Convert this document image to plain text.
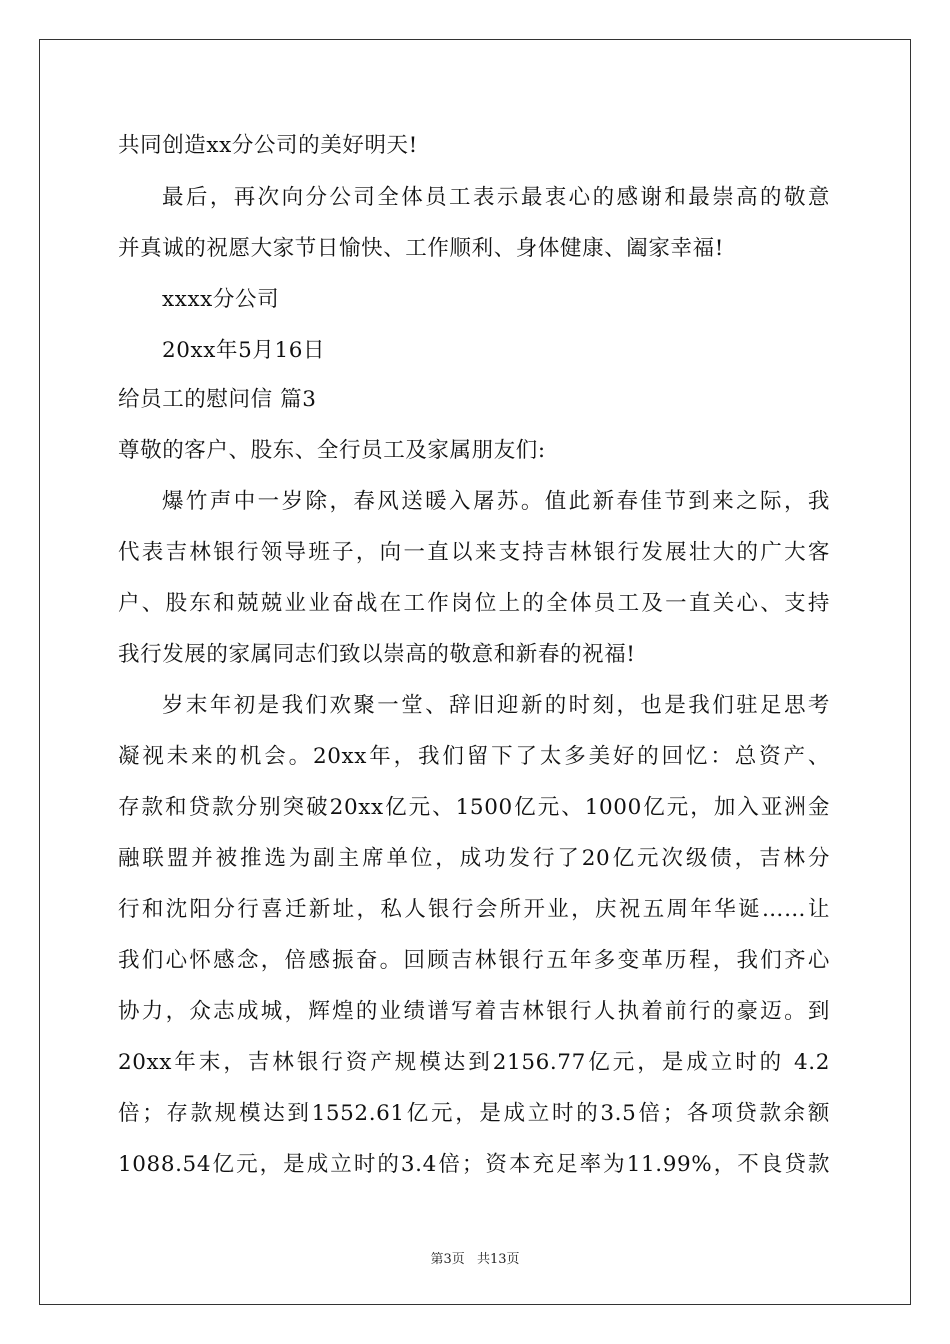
共同创造xx分公司的美好明天!
最后，再次向分公司全体员工表示最衷心的感谢和最崇高的敬意
并真诚的祝愿大家节日愉快、工作顺利、身体健康、阖家幸福!
xxxx分公司
20xx年5月16日
给员工的慰问信 篇3
尊敬的客户、股东、全行员工及家属朋友们:
爆竹声中一岁除，春风送暖入屠苏。值此新春佳节到来之际，我
代表吉林银行领导班子，向一直以来支持吉林银行发展壮大的广大客
户、股东和兢兢业业奋战在工作岗位上的全体员工及一直关心、支持
我行发展的家属同志们致以崇高的敬意和新春的祝福!
岁末年初是我们欢聚一堂、辞旧迎新的时刻，也是我们驻足思考
凝视未来的机会。20xx年，我们留下了太多美好的回忆：总资产、
存款和贷款分别突破20xx亿元、1500亿元、1000亿元，加入亚洲金
融联盟并被推选为副主席单位，成功发行了20亿元次级债，吉林分
行和沈阳分行喜迁新址，私人银行会所开业，庆祝五周年华诞……让
我们心怀感念，倍感振奋。回顾吉林银行五年多变革历程，我们齐心
协力，众志成城，辉煌的业绩谱写着吉林银行人执着前行的豪迈。到
20xx年末，吉林银行资产规模达到2156.77亿元，是成立时的 4.2
倍；存款规模达到1552.61亿元，是成立时的3.5倍；各项贷款余额
1088.54亿元，是成立时的3.4倍；资本充足率为11.99%，不良贷款
第3页 共13页
